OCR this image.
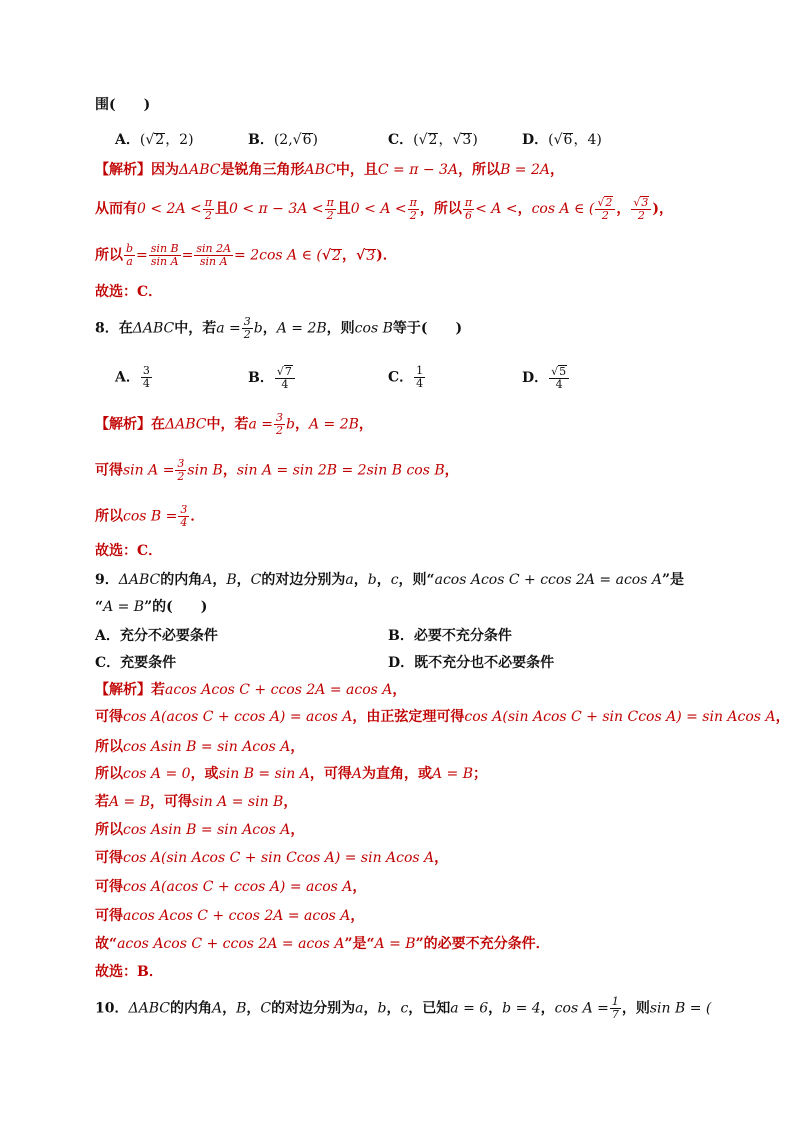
围(　　)
A．(√2，2)	B．(2,√6)	C．(√2，√3)	D．(√6，4)
【解析】因为ΔABC是锐角三角形ABC中，且C = π − 3A，所以B = 2A，
从而有$0 < 2A < \frac{\pi}{2}$ 且$0 < \pi - 3A < \frac{\pi}{2}$ 且$0 < A < \frac{\pi}{2}$ ，所以 $\frac{\pi}{6} < A$ <，cos A ∈ ( $\frac{√2}{2}$ ， $\frac{√3}{2}$ )，
所以 $\frac{b}{a} = \frac{\text{sin B}}{\text{sin A}} = \frac{\sin 2A}{\text{sin A}} = 2\cos$ A ∈ (√2，√3)．
故选：C．
8．在ΔABC中，若$a = \frac{3}{2}$ b，A = 2B，则cos B等于(　　)
A． $\frac{3}{4}$	B． $\frac{√7}{4}$	C． $\frac{1}{4}$	D． $\frac{√5}{4}$
【解析】在ΔABC中，若$a = \frac{3}{2}$ b，A = 2B，
可得$\sin A = \frac{3}{2}$ sin B，sin A = sin 2B = 2sin B cos B，
所以$\cos B = \frac{3}{4}$ ．
故选：C．
9．ΔABC的内角A，B，C的对边分别为a，b，c，则“acos Acos C + ccos 2A = acos A”是
“A = B”的(　　)
A．充分不必要条件	B．必要不充分条件
C．充要条件	D．既不充分也不必要条件
【解析】若acos Acos C + ccos 2A = acos A，
可得cos A(acos C + ccos A) = acos A，由正弦定理可得cos A(sin Acos C + sin Ccos A) = sin Acos A，
所以cos Asin B = sin Acos A，
所以cos A = 0，或sin B = sin A，可得A为直角，或A = B；
若A = B，可得sin A = sin B，
所以cos Asin B = sin Acos A，
可得cos A(sin Acos C + sin Ccos A) = sin Acos A，
可得cos A(acos C + ccos A) = acos A，
可得acos Acos C + ccos 2A = acos A，
故“acos Acos C + ccos 2A = acos A”是“A = B”的必要不充分条件．
故选：B．
10．ΔABC的内角A，B，C的对边分别为a，b，c，已知a = 6，b = 4，$\cos A = \frac{1}{7}$ ，则sin B = (
